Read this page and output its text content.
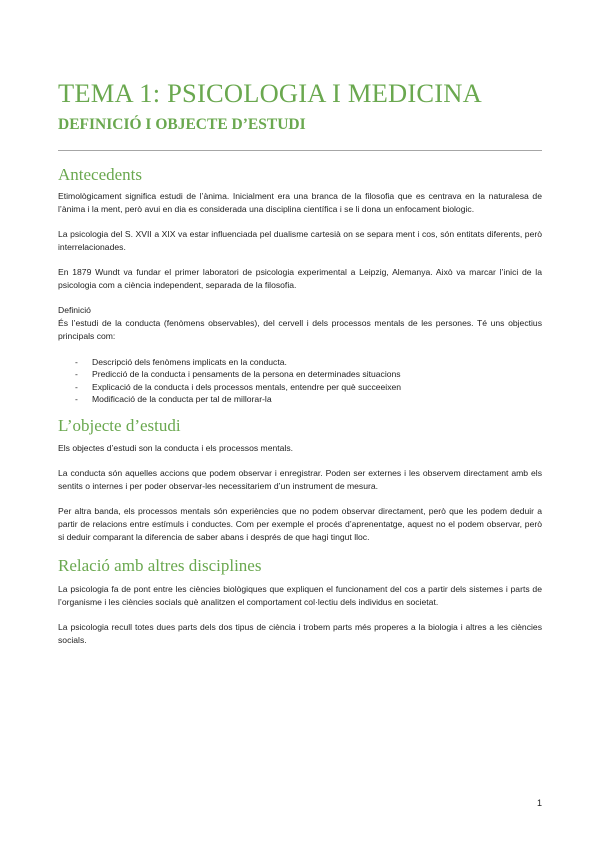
TEMA 1: PSICOLOGIA I MEDICINA
DEFINICIÓ I OBJECTE D’ESTUDI
Antecedents

Etimològicament significa estudi de l’ànima. Inicialment era una branca de la filosofia que es centrava en la naturalesa de l’ànima i la ment, però avui en dia es considerada una disciplina científica i se li dona un enfocament biologic.

La psicologia del S. XVII a XIX va estar influenciada pel dualisme cartesià on se separa ment i cos, són entitats diferents, però interrelacionades.

En 1879 Wundt va fundar el primer laboratori de psicologia experimental a Leipzig, Alemanya. Això va marcar l’inici de la psicologia com a ciència independent, separada de la filosofia.

Definició

És l’estudi de la conducta (fenòmens observables), del cervell i dels processos mentals de les persones. Té uns objectius principals com:

- Descripció dels fenòmens implicats en la conducta.
- Predicció de la conducta i pensaments de la persona en determinades situacions
- Explicació de la conducta i dels processos mentals, entendre per què succeeixen
- Modificació de la conducta per tal de millorar-la
L’objecte d’estudi

Els objectes d’estudi son la conducta i els processos mentals.

La conducta són aquelles accions que podem observar i enregistrar. Poden ser externes i les observem directament amb els sentits o internes i per poder observar-les necessitariem d’un instrument de mesura.

Per altra banda, els processos mentals són experiències que no podem observar directament, però que les podem deduir a partir de relacions entre estímuls i conductes. Com per exemple el procés d’aprenentatge, aquest no el podem observar, però si deduir comparant la diferencia de saber abans i després de que hagi tingut lloc.

Relació amb altres disciplines

La psicologia fa de pont entre les ciències biològiques que expliquen el funcionament del cos a partir dels sistemes i parts de l’organisme i les ciències socials què analitzen el comportament col·lectiu dels individus en societat.

La psicologia recull totes dues parts dels dos tipus de ciència i trobem parts més properes a la biologia i altres a les ciències socials.

1
